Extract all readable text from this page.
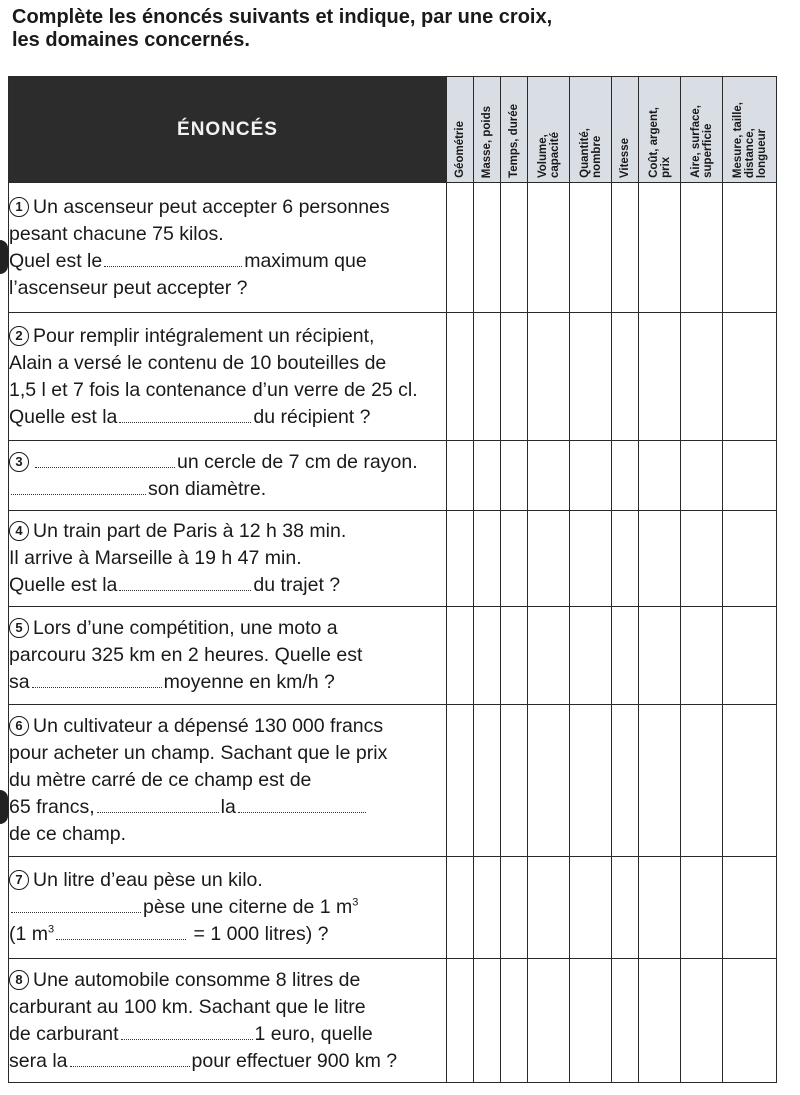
Complète les énoncés suivants et indique, par une croix,
les domaines concernés.
ÉNONCÉS	Géométrie	Masse, poids	Temps, durée	Volume, capacité	Quantité, nombre	Vitesse	Coût, argent, prix	Aire, surface, superficie	Mesure, taille, distance, longueur

1 Un ascenseur peut accepter 6 personnes
pesant chacune 75 kilos.
Quel est le maximum que
l’ascenseur peut accepter ?									

2 Pour remplir intégralement un récipient,
Alain a versé le contenu de 10 bouteilles de
1,5 l et 7 fois la contenance d’un verre de 25 cl.
Quelle est la du récipient ?									

3 un cercle de 7 cm de rayon.
son diamètre.									

4 Un train part de Paris à 12 h 38 min.
Il arrive à Marseille à 19 h 47 min.
Quelle est la du trajet ?									

5 Lors d’une compétition, une moto a
parcouru 325 km en 2 heures. Quelle est
sa moyenne en km/h ?									

6 Un cultivateur a dépensé 130 000 francs
pour acheter un champ. Sachant que le prix
du mètre carré de ce champ est de
65 francs, la
de ce champ.									

7 Un litre d’eau pèse un kilo.
pèse une citerne de 1 $m^3$
(1 $m^3 = 1$ 000 litres) ?									

8 Une automobile consomme 8 litres de
carburant au 100 km. Sachant que le litre
de carburant 1 euro, quelle
sera la pour effectuer 900 km ?									
